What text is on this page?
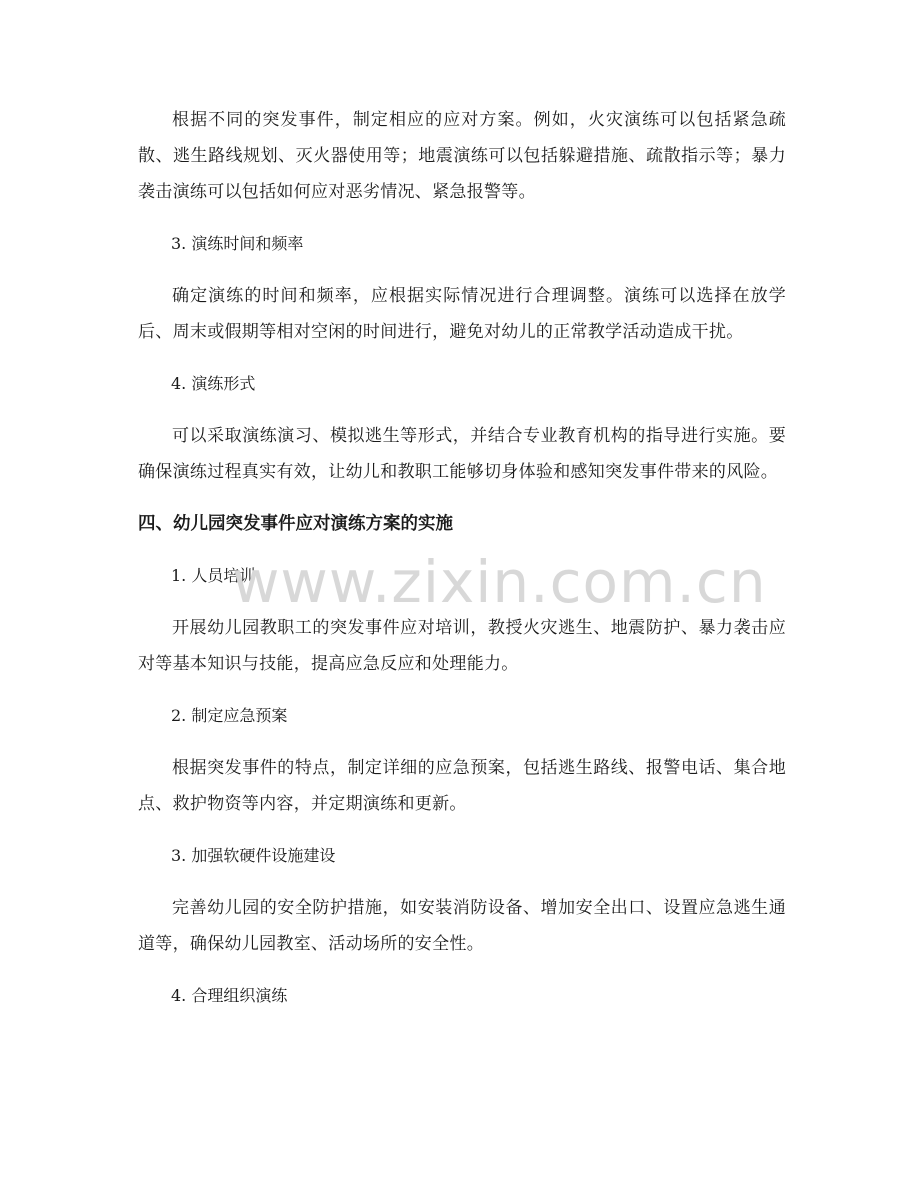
根据不同的突发事件，制定相应的应对方案。例如，火灾演练可以包括紧急疏散、逃生路线规划、灭火器使用等；地震演练可以包括躲避措施、疏散指示等；暴力袭击演练可以包括如何应对恶劣情况、紧急报警等。

3. 演练时间和频率

确定演练的时间和频率，应根据实际情况进行合理调整。演练可以选择在放学后、周末或假期等相对空闲的时间进行，避免对幼儿的正常教学活动造成干扰。

4. 演练形式

可以采取演练演习、模拟逃生等形式，并结合专业教育机构的指导进行实施。要确保演练过程真实有效，让幼儿和教职工能够切身体验和感知突发事件带来的风险。

四、幼儿园突发事件应对演练方案的实施

1. 人员培训

开展幼儿园教职工的突发事件应对培训，教授火灾逃生、地震防护、暴力袭击应对等基本知识与技能，提高应急反应和处理能力。

2. 制定应急预案

根据突发事件的特点，制定详细的应急预案，包括逃生路线、报警电话、集合地点、救护物资等内容，并定期演练和更新。

3. 加强软硬件设施建设

完善幼儿园的安全防护措施，如安装消防设备、增加安全出口、设置应急逃生通道等，确保幼儿园教室、活动场所的安全性。

4. 合理组织演练

www.zixin.com.cn
